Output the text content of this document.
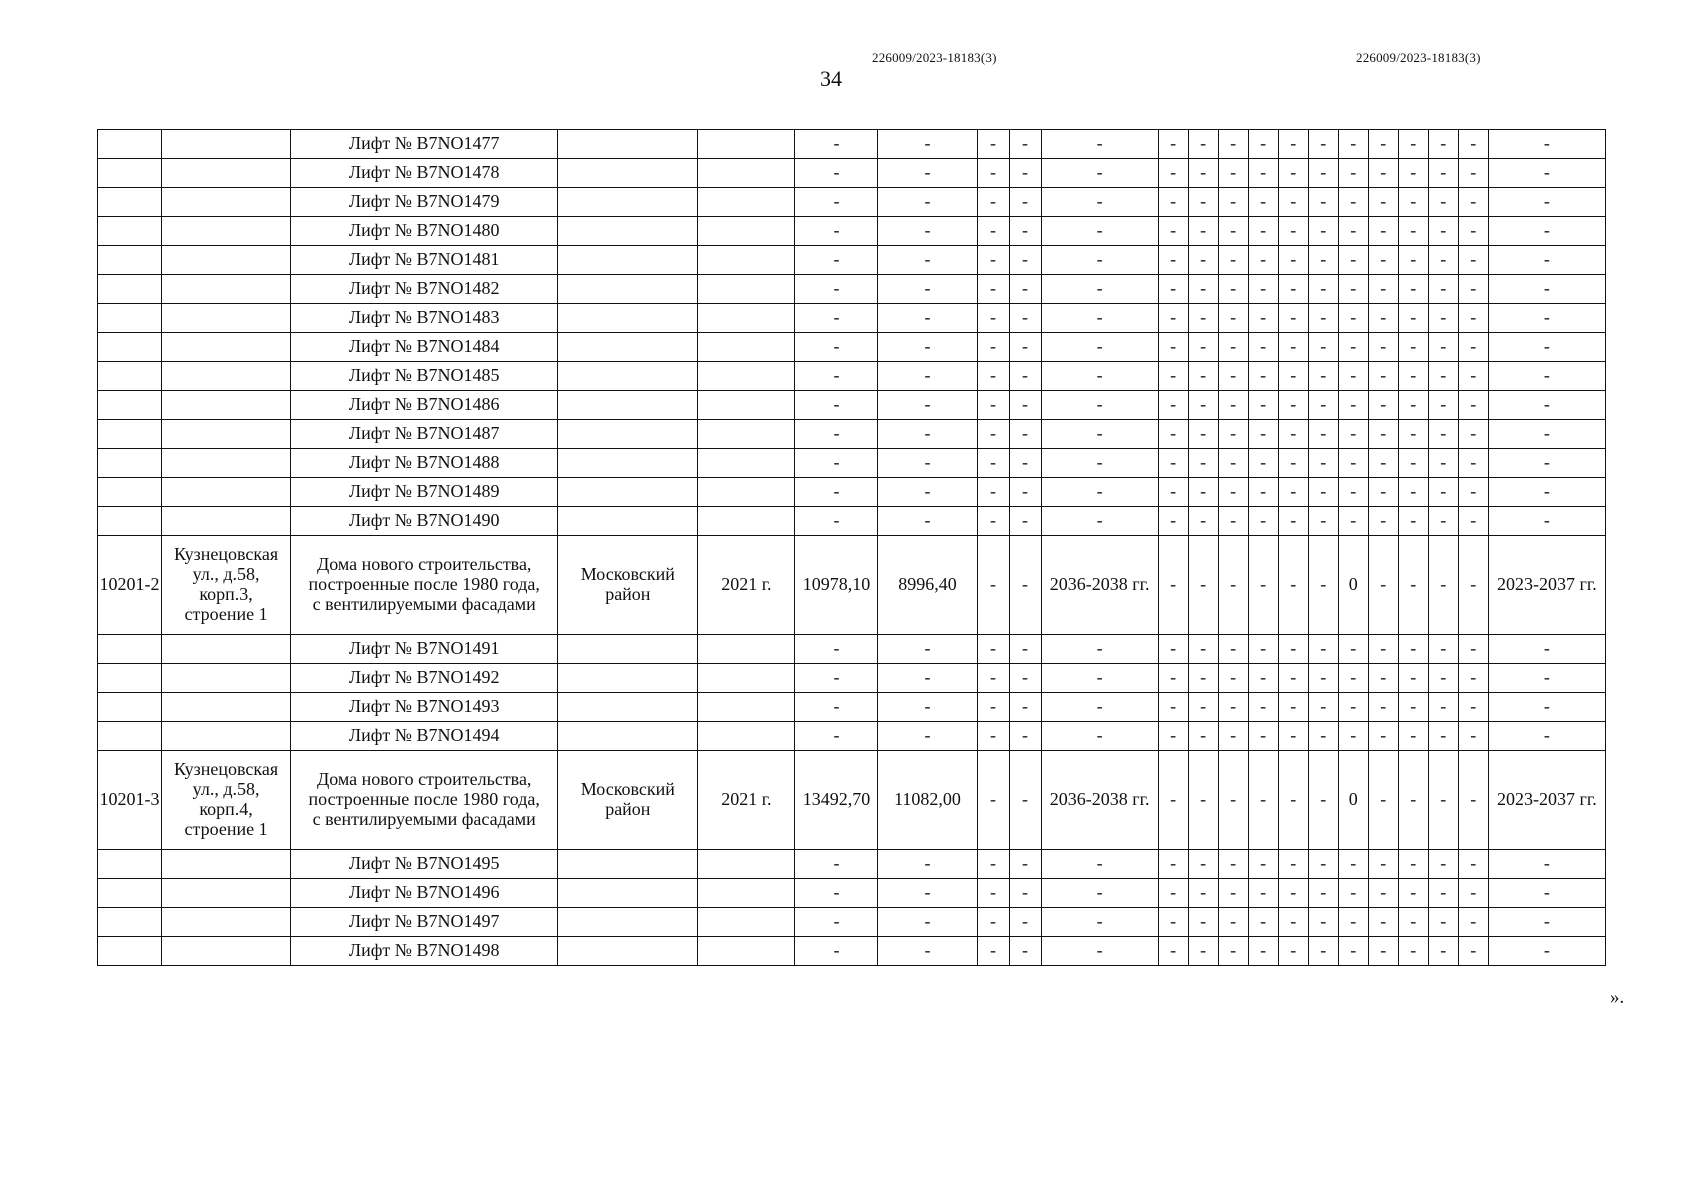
226009/2023-18183(3)	226009/2023-18183(3)
34
		Лифт № B7NO1477			-	-	-	-	-	-	-	-	-	-	-	-	-	-	-	-	-
		Лифт № B7NO1478			-	-	-	-	-	-	-	-	-	-	-	-	-	-	-	-	-
		Лифт № B7NO1479			-	-	-	-	-	-	-	-	-	-	-	-	-	-	-	-	-
		Лифт № B7NO1480			-	-	-	-	-	-	-	-	-	-	-	-	-	-	-	-	-
		Лифт № B7NO1481			-	-	-	-	-	-	-	-	-	-	-	-	-	-	-	-	-
		Лифт № B7NO1482			-	-	-	-	-	-	-	-	-	-	-	-	-	-	-	-	-
		Лифт № B7NO1483			-	-	-	-	-	-	-	-	-	-	-	-	-	-	-	-	-
		Лифт № B7NO1484			-	-	-	-	-	-	-	-	-	-	-	-	-	-	-	-	-
		Лифт № B7NO1485			-	-	-	-	-	-	-	-	-	-	-	-	-	-	-	-	-
		Лифт № B7NO1486			-	-	-	-	-	-	-	-	-	-	-	-	-	-	-	-	-
		Лифт № B7NO1487			-	-	-	-	-	-	-	-	-	-	-	-	-	-	-	-	-
		Лифт № B7NO1488			-	-	-	-	-	-	-	-	-	-	-	-	-	-	-	-	-
		Лифт № B7NO1489			-	-	-	-	-	-	-	-	-	-	-	-	-	-	-	-	-
		Лифт № B7NO1490			-	-	-	-	-	-	-	-	-	-	-	-	-	-	-	-	-
10201-2	Кузнецовская
ул., д.58,
корп.3,
строение 1	Дома нового строительства,
построенные после 1980 года,
с вентилируемыми фасадами	Московский
район	2021 г.	10978,10	8996,40	-	-	2036-2038 гг.	-	-	-	-	-	-	0	-	-	-	-	2023-2037 гг.
		Лифт № B7NO1491			-	-	-	-	-	-	-	-	-	-	-	-	-	-	-	-	-
		Лифт № B7NO1492			-	-	-	-	-	-	-	-	-	-	-	-	-	-	-	-	-
		Лифт № B7NO1493			-	-	-	-	-	-	-	-	-	-	-	-	-	-	-	-	-
		Лифт № B7NO1494			-	-	-	-	-	-	-	-	-	-	-	-	-	-	-	-	-
10201-3	Кузнецовская
ул., д.58,
корп.4,
строение 1	Дома нового строительства,
построенные после 1980 года,
с вентилируемыми фасадами	Московский
район	2021 г.	13492,70	11082,00	-	-	2036-2038 гг.	-	-	-	-	-	-	0	-	-	-	-	2023-2037 гг.
		Лифт № B7NO1495			-	-	-	-	-	-	-	-	-	-	-	-	-	-	-	-	-
		Лифт № B7NO1496			-	-	-	-	-	-	-	-	-	-	-	-	-	-	-	-	-
		Лифт № B7NO1497			-	-	-	-	-	-	-	-	-	-	-	-	-	-	-	-	-
		Лифт № B7NO1498			-	-	-	-	-	-	-	-	-	-	-	-	-	-	-	-	-
».
